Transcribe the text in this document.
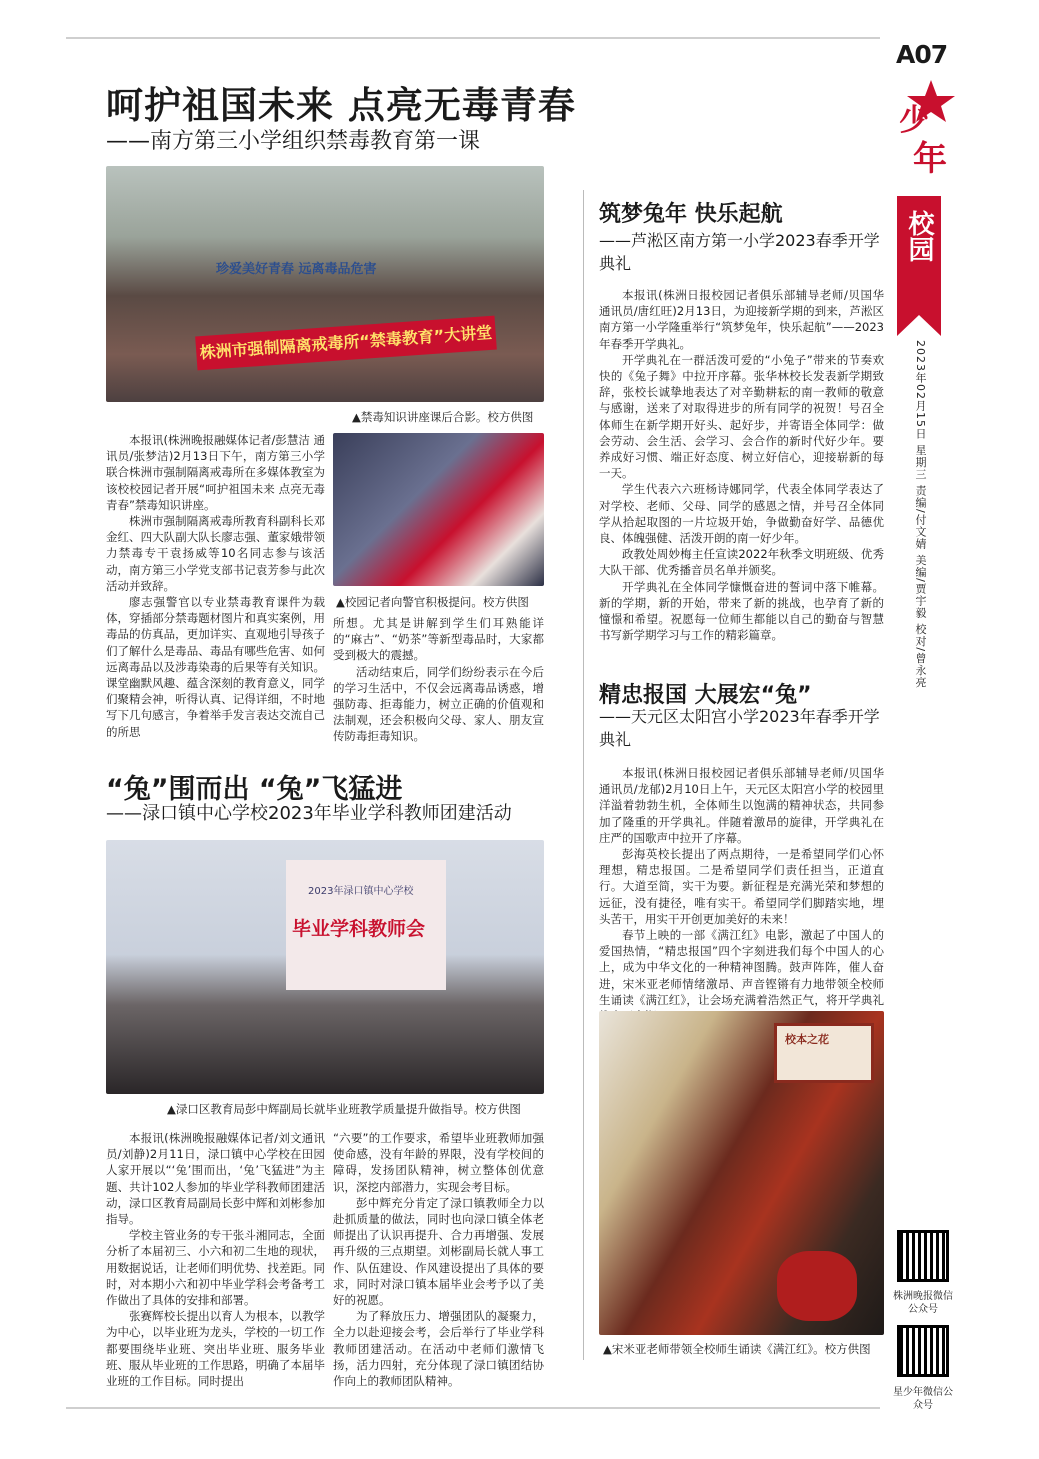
A07
少
年
校园
2023年02月15日 星期三 责编/付文婧 美编/贾宇毅 校对/曾永亮
株洲晚报微信公众号
星少年微信公众号
呵护祖国未来 点亮无毒青春
——南方第三小学组织禁毒教育第一课
珍爱美好青春 远离毒品危害
株洲市强制隔离戒毒所“禁毒教育”大讲堂
▲禁毒知识讲座课后合影。校方供图
▲校园记者向警官积极提问。校方供图

本报讯(株洲晚报融媒体记者/彭慧洁 通讯员/张梦洁)2月13日下午，南方第三小学联合株洲市强制隔离戒毒所在多媒体教室为该校校园记者开展“呵护祖国未来 点亮无毒青春”禁毒知识讲座。

株洲市强制隔离戒毒所教育科副科长邓金红、四大队副大队长廖志强、董家娥带领力禁毒专干袁扬威等10名同志参与该活动，南方第三小学党支部书记袁芳参与此次活动并致辞。

廖志强警官以专业禁毒教育课件为载体，穿插部分禁毒题材图片和真实案例，用毒品的仿真品，更加详实、直观地引导孩子们了解什么是毒品、毒品有哪些危害、如何远离毒品以及涉毒染毒的后果等有关知识。课堂幽默风趣、蕴含深刻的教育意义，同学们聚精会神，听得认真、记得详细，不时地写下几句感言，争着举手发言表达交流自己的所思

所想。尤其是讲解到学生们耳熟能详的“麻古”、“奶茶”等新型毒品时，大家都受到极大的震撼。

活动结束后，同学们纷纷表示在今后的学习生活中，不仅会远离毒品诱惑，增强防毒、拒毒能力，树立正确的价值观和法制观，还会积极向父母、家人、朋友宣传防毒拒毒知识。

“兔”围而出 “兔”飞猛进
——渌口镇中心学校2023年毕业学科教师团建活动
2023年渌口镇中心学校
毕业学科教师会
▲渌口区教育局彭中辉副局长就毕业班教学质量提升做指导。校方供图

本报讯(株洲晚报融媒体记者/刘文通讯员/刘静)2月11日，渌口镇中心学校在田园人家开展以“‘兔’围而出，‘兔’飞猛进”为主题、共计102人参加的毕业学科教师团建活动，渌口区教育局副局长彭中辉和刘彬参加指导。

学校主管业务的专干张斗湘同志，全面分析了本届初三、小六和初二生地的现状，用数据说话，让老师们明优势、找差距。同时，对本期小六和初中毕业学科会考备考工作做出了具体的安排和部署。

张赛辉校长提出以育人为根本，以教学为中心，以毕业班为龙头，学校的一切工作都要围绕毕业班、突出毕业班、服务毕业班、服从毕业班的工作思路，明确了本届毕业班的工作目标。同时提出

“六要”的工作要求，希望毕业班教师加强使命感，没有年龄的界限，没有学校间的障碍，发扬团队精神，树立整体创优意识，深挖内部潜力，实现会考目标。

彭中辉充分肯定了渌口镇教师全力以赴抓质量的做法，同时也向渌口镇全体老师提出了认识再提升、合力再增强、发展再升级的三点期望。刘彬副局长就人事工作、队伍建设、作风建设提出了具体的要求，同时对渌口镇本届毕业会考予以了美好的祝愿。

为了释放压力、增强团队的凝聚力，全力以赴迎接会考，会后举行了毕业学科教师团建活动。在活动中老师们激情飞扬，活力四射，充分体现了渌口镇团结协作向上的教师团队精神。

筑梦兔年 快乐起航
——芦淞区南方第一小学2023春季开学典礼

本报讯(株洲日报校园记者俱乐部辅导老师/贝国华 通讯员/唐红旺)2月13日，为迎接新学期的到来，芦淞区南方第一小学隆重举行“筑梦兔年，快乐起航”——2023年春季开学典礼。

开学典礼在一群活泼可爱的“小兔子”带来的节奏欢快的《兔子舞》中拉开序幕。张华林校长发表新学期致辞，张校长诚挚地表达了对辛勤耕耘的南一教师的敬意与感谢，送来了对取得进步的所有同学的祝贺！号召全体师生在新学期开好头、起好步，并寄语全体同学：做会劳动、会生活、会学习、会合作的新时代好少年。要养成好习惯、端正好态度、树立好信心，迎接崭新的每一天。

学生代表六六班杨诗娜同学，代表全体同学表达了对学校、老师、父母、同学的感恩之情，并号召全体同学从拾起取图的一片垃圾开始，争做勤奋好学、品德优良、体魄强健、活泼开朗的南一好少年。

政教处周妙梅主任宣读2022年秋季文明班级、优秀大队干部、优秀播音员名单并颁奖。

开学典礼在全体同学慷慨奋进的誓词中落下帷幕。新的学期，新的开始，带来了新的挑战，也孕育了新的憧憬和希望。祝愿每一位师生都能以自己的勤奋与智慧书写新学期学习与工作的精彩篇章。

精忠报国 大展宏“兔”
——天元区太阳宫小学2023年春季开学典礼

本报讯(株洲日报校园记者俱乐部辅导老师/贝国华 通讯员/龙郁)2月10日上午，天元区太阳宫小学的校园里洋溢着勃勃生机，全体师生以饱满的精神状态，共同参加了隆重的开学典礼。伴随着激昂的旋律，开学典礼在庄严的国歌声中拉开了序幕。

彭海英校长提出了两点期待，一是希望同学们心怀理想，精忠报国。二是希望同学们责任担当，正道直行。大道至简，实干为要。新征程是充满光荣和梦想的远征，没有捷径，唯有实干。希望同学们脚踏实地，埋头苦干，用实干开创更加美好的未来！

春节上映的一部《满江红》电影，激起了中国人的爱国热情，“精忠报国”四个字刻进我们每个中国人的心上，成为中华文化的一种精神图腾。鼓声阵阵，催人奋进，宋米亚老师情绪激昂、声音铿锵有力地带领全校师生诵读《满江红》，让会场充满着浩然正气，将开学典礼

校本之花
▲宋米亚老师带领全校师生诵读《满江红》。校方供图
